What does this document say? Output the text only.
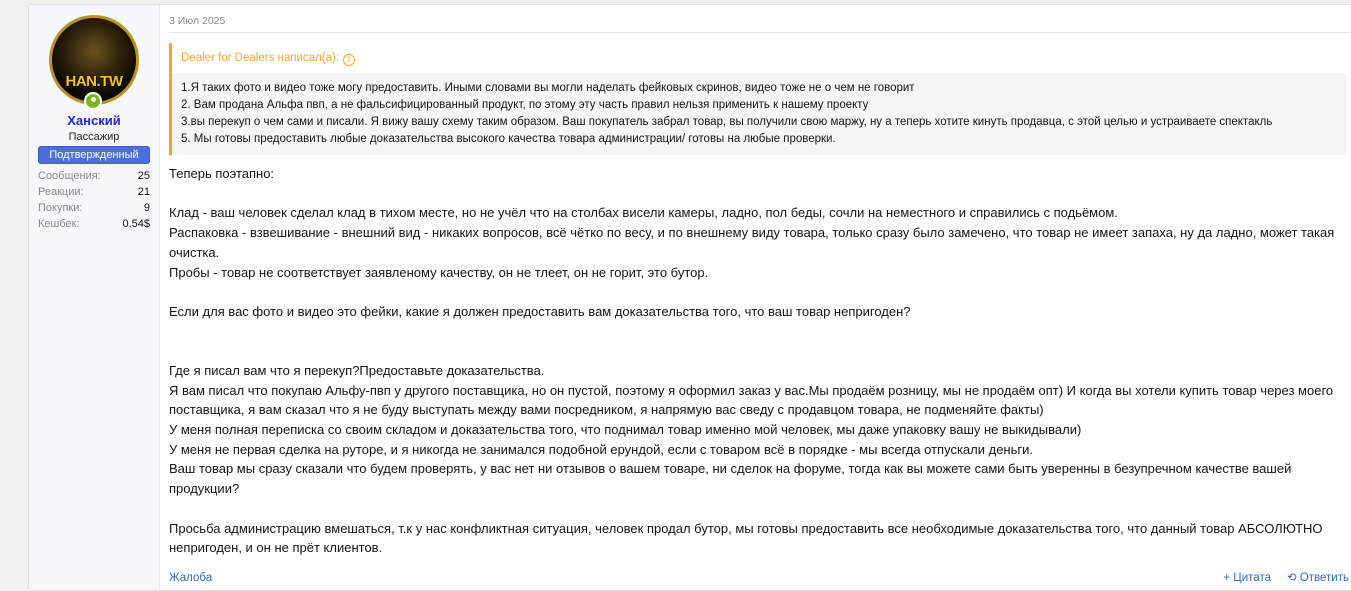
HAN.TW
Ханский
Пассажир
Подтвержденный
Сообщения:	25
Реакции:	21
Покупки:	9
Кешбек:	0.54$
3 Июл 2025
Dealer for Dealers написал(а): ⇧
1.Я таких фото и видео тоже могу предоставить. Иными словами вы могли наделать фейковых скринов, видео тоже не о чем не говорит
2. Вам продана Альфа пвп, а не фальсифицированный продукт, по этому эту часть правил нельзя применить к нашему проекту
3.вы перекуп о чем сами и писали. Я вижу вашу схему таким образом. Ваш покупатель забрал товар, вы получили свою маржу, ну а теперь хотите кинуть продавца, с этой целью и устраиваете спектакль
5. Мы готовы предоставить любые доказательства высокого качества товара администрации/ готовы на любые проверки.

Теперь поэтапно:

Клад - ваш человек сделал клад в тихом месте, но не учёл что на столбах висели камеры, ладно, пол беды, сочли на неместного и справились с подьёмом.

Распаковка - взвешивание - внешний вид - никаких вопросов, всё чётко по весу, и по внешнему виду товара, только сразу было замечено, что товар не имеет запаха, ну да ладно, может такая очистка.

Пробы - товар не соответствует заявленому качеству, он не тлеет, он не горит, это бутор.

Если для вас фото и видео это фейки, какие я должен предоставить вам доказательства того, что ваш товар непригоден?

Где я писал вам что я перекуп?Предоставьте доказательства.

Я вам писал что покупаю Альфу-пвп у другого поставщика, но он пустой, поэтому я оформил заказ у вас.Мы продаём розницу, мы не продаём опт) И когда вы хотели купить товар через моего поставщика, я вам сказал что я не буду выступать между вами посредником, я напрямую вас сведу с продавцом товара, не подменяйте факты)

У меня полная переписка со своим складом и доказательства того, что поднимал товар именно мой человек, мы даже упаковку вашу не выкидывали)

У меня не первая сделка на руторе, и я никогда не занимался подобной ерундой, если с товаром всё в порядке - мы всегда отпускали деньги.

Ваш товар мы сразу сказали что будем проверять, у вас нет ни отзывов о вашем товаре, ни сделок на форуме, тогда как вы можете сами быть уверенны в безупречном качестве вашей продукции?

Просьба администрацию вмешаться, т.к у нас конфликтная ситуация, человек продал бутор, мы готовы предоставить все необходимые доказательства того, что данный товар АБСОЛЮТНО непригоден, и он не прёт клиентов.

Жалоба	+ Цитата ⟲ Ответить
